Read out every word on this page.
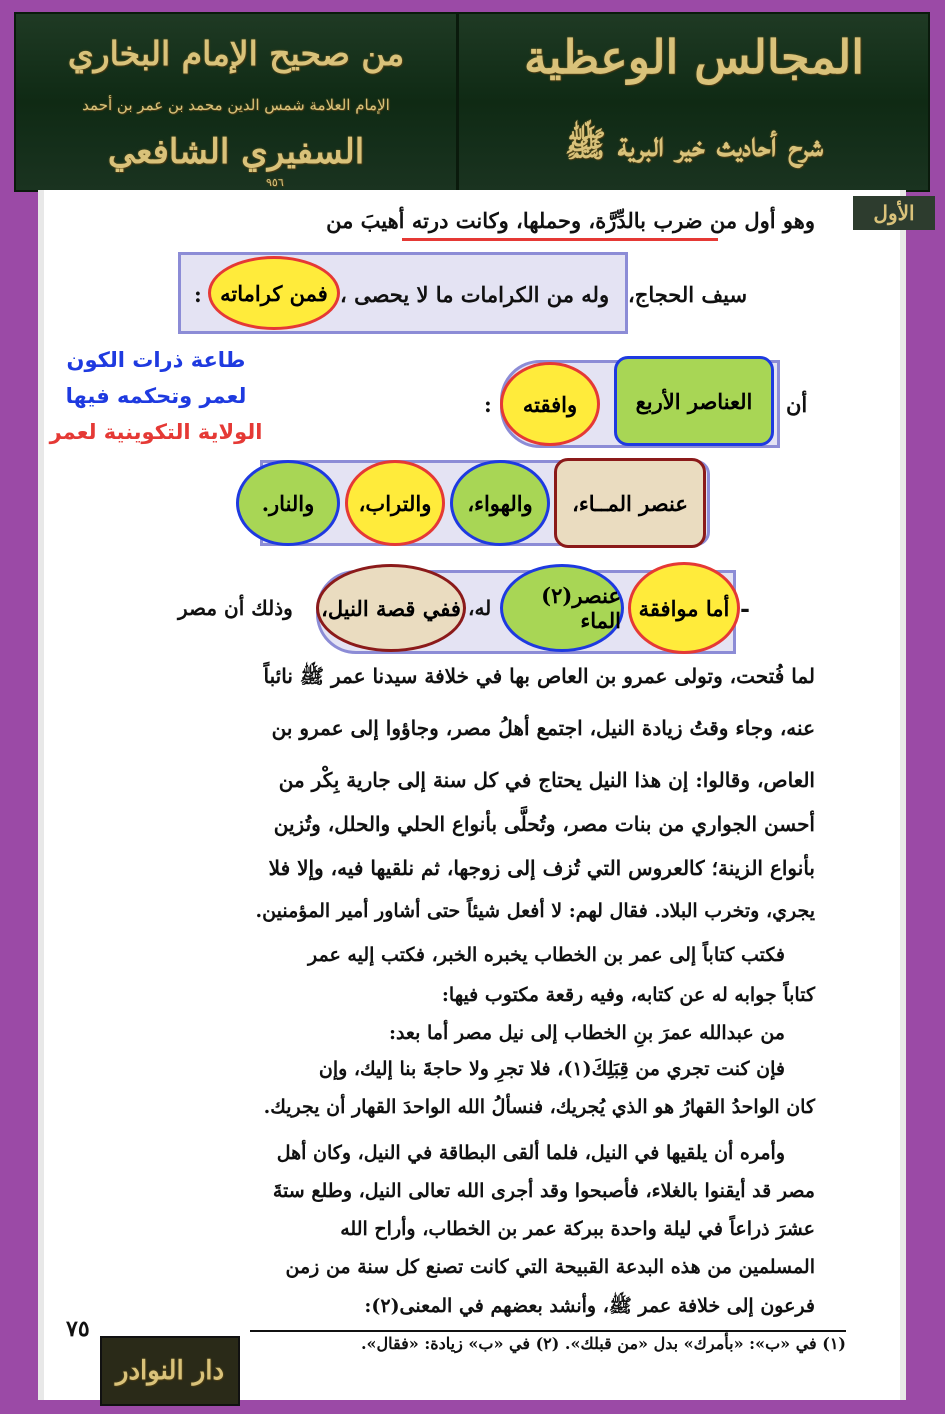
من صحيح الإمام البخاري
الإمام العلامة شمس الدين محمد بن عمر بن أحمد
السفيري الشافعي
٩٥٦
المجالس الوعظية
شرح أحاديث خير البرية ﷺ
الأول
وهو أول من ضرب بالدِّرَّة، وحملها، وكانت درته أهيبَ من
سيف الحجاج،
وله من الكرامات ما لا يحصى ،
فمن كراماته
:
طاعة ذرات الكون
لعمر وتحكمه فيها
الولاية التكوينية لعمر
أن
العناصر الأربع
وافقته
:
عنصر المــاء،
والهواء،
والتراب،
والنار.
-
أما موافقة
عنصر(٢) الماء
له،
ففي قصة النيل،
وذلك أن مصر
لما فُتحت، وتولى عمرو بن العاص بها في خلافة سيدنا عمر ﷺ نائباً
عنه، وجاء وقتُ زيادة النيل، اجتمع أهلُ مصر، وجاؤوا إلى عمرو بن
العاص، وقالوا: إن هذا النيل يحتاج في كل سنة إلى جارية بِكْر من
أحسن الجواري من بنات مصر، وتُحلَّى بأنواع الحلي والحلل، وتُزين
بأنواع الزينة؛ كالعروس التي تُزف إلى زوجها، ثم نلقيها فيه، وإلا فلا
يجري، وتخرب البلاد. فقال لهم: لا أفعل شيئاً حتى أشاور أمير المؤمنين.
فكتب كتاباً إلى عمر بن الخطاب يخبره الخبر، فكتب إليه عمر
كتاباً جوابه له عن كتابه، وفيه رقعة مكتوب فيها:
من عبدالله عمرَ بنِ الخطاب إلى نيل مصر أما بعد:
فإن كنت تجري من قِبَلِكَ(١)، فلا تجرِ ولا حاجةَ بنا إليك، وإن
كان الواحدُ القهارُ هو الذي يُجريك، فنسألُ الله الواحدَ القهار أن يجريك.
وأمره أن يلقيها في النيل، فلما ألقى البطاقة في النيل، وكان أهل
مصر قد أيقنوا بالغلاء، فأصبحوا وقد أجرى الله تعالى النيل، وطلع ستةَ
عشرَ ذراعاً في ليلة واحدة ببركة عمر بن الخطاب، وأراح الله
المسلمين من هذه البدعة القبيحة التي كانت تصنع كل سنة من زمن
فرعون إلى خلافة عمر ﷺ، وأنشد بعضهم في المعنى(٢):
٧٥
(١) في «ب»: «بأمرك» بدل «من قبلك». (٢) في «ب» زيادة: «فقال».
دار النوادر
